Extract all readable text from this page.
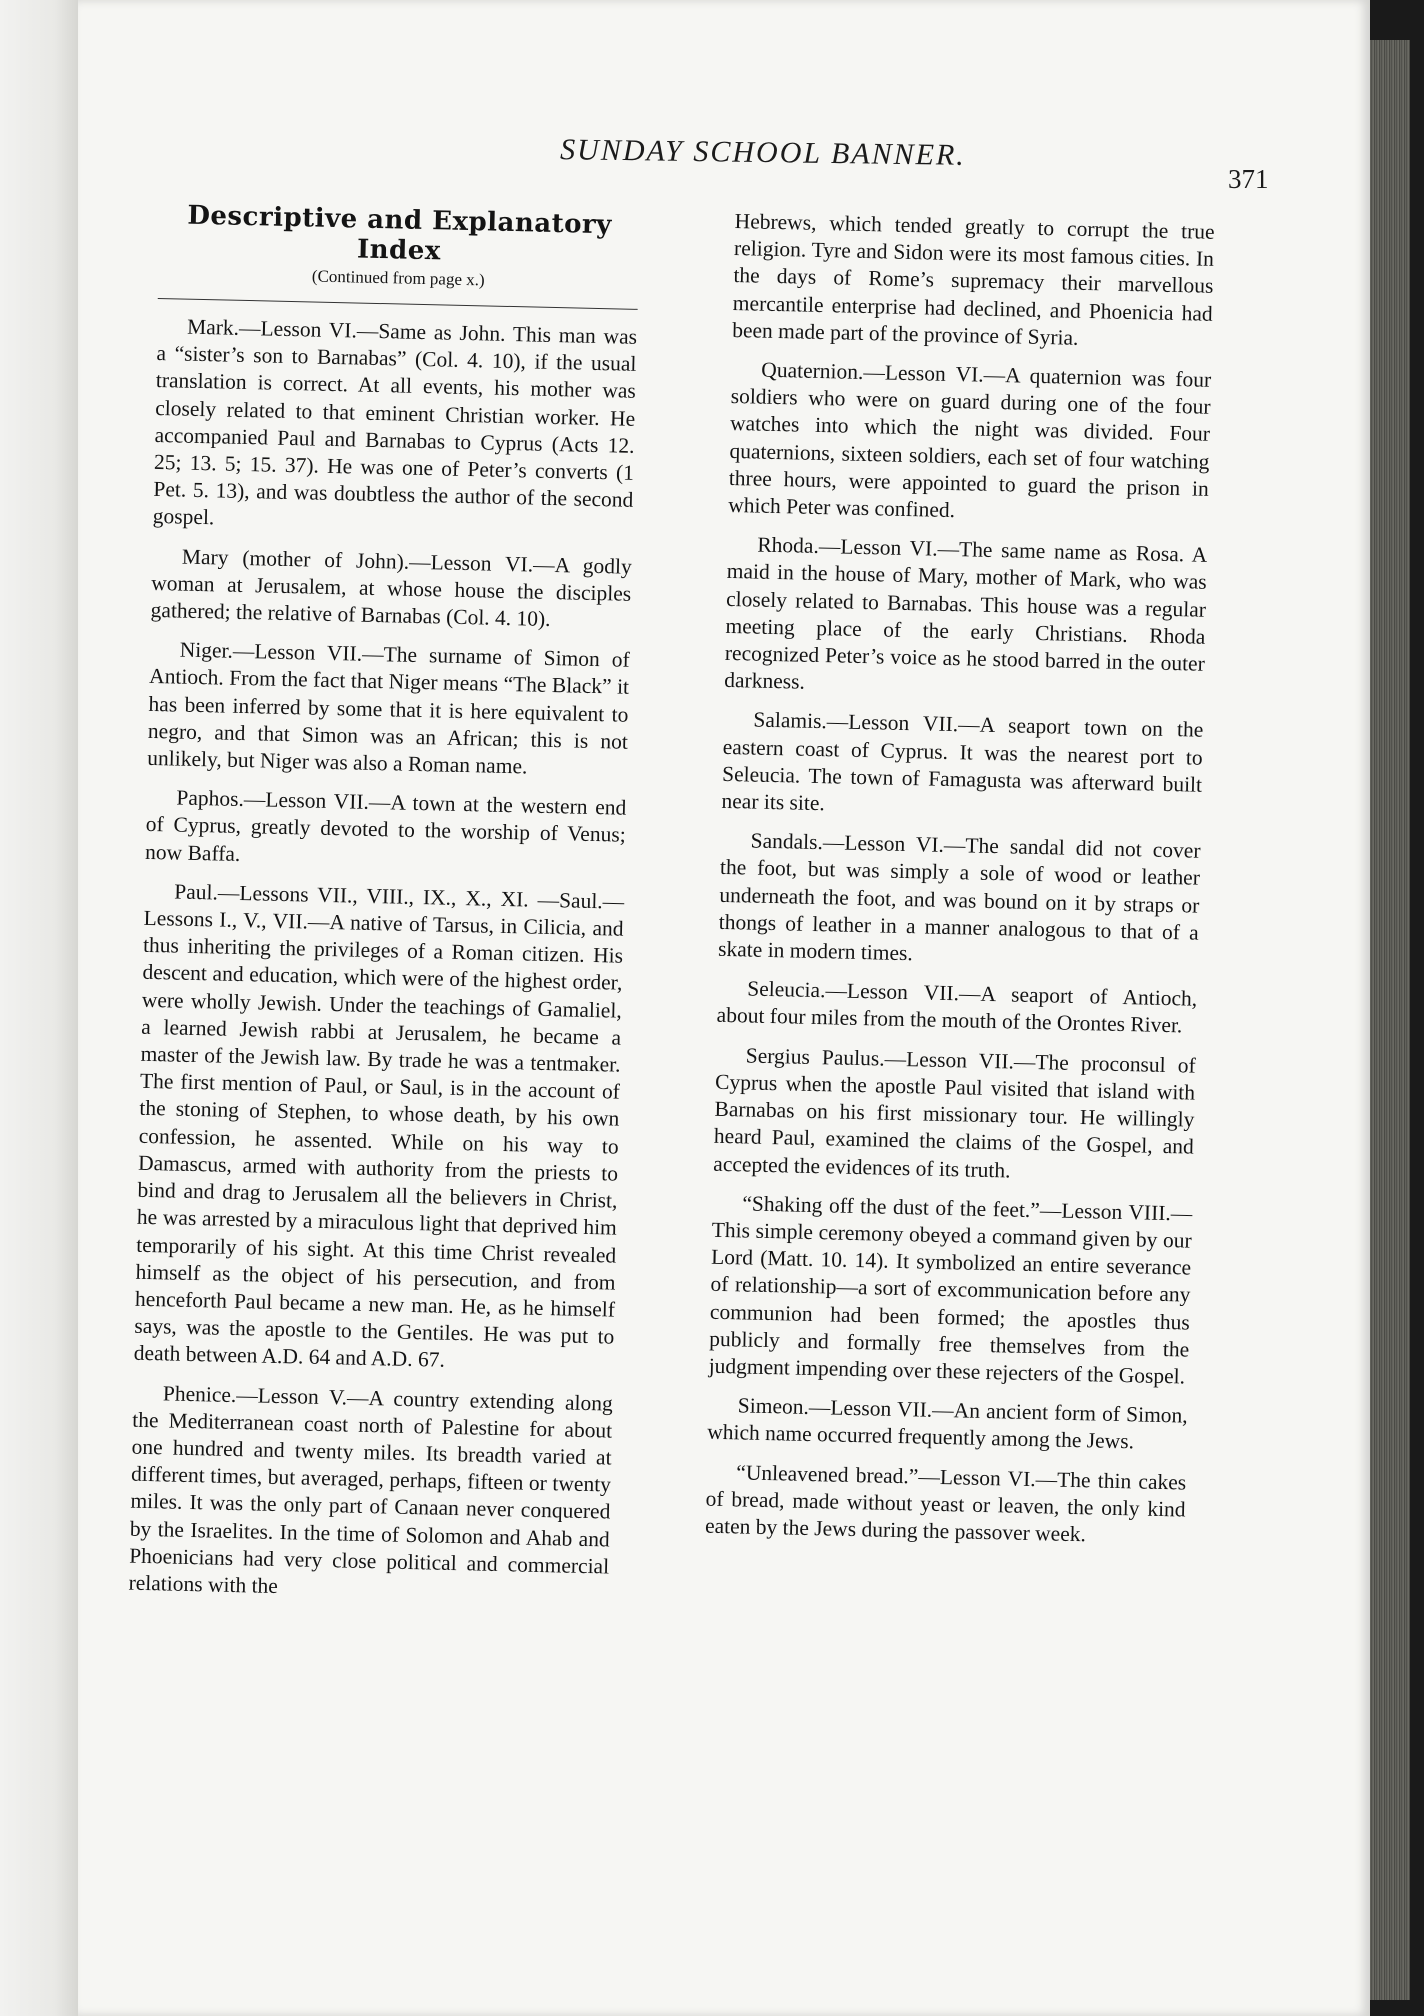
SUNDAY SCHOOL BANNER.
371
Descriptive and Explanatory Index
(Continued from page x.)

Mark.—Lesson VI.—Same as John. This man was a “sister’s son to Barnabas” (Col. 4. 10), if the usual translation is correct. At all events, his mother was closely related to that eminent Christian worker. He accompanied Paul and Barnabas to Cyprus (Acts 12. 25; 13. 5; 15. 37). He was one of Peter’s converts (1 Pet. 5. 13), and was doubtless the author of the second gospel.

Mary (mother of John).—Lesson VI.—A godly woman at Jerusalem, at whose house the disciples gathered; the relative of Barnabas (Col. 4. 10).

Niger.—Lesson VII.—The surname of Simon of Antioch. From the fact that Niger means “The Black” it has been inferred by some that it is here equivalent to negro, and that Simon was an African; this is not unlikely, but Niger was also a Roman name.

Paphos.—Lesson VII.—A town at the western end of Cyprus, greatly devoted to the worship of Venus; now Baffa.

Paul.—Lessons VII., VIII., IX., X., XI. —Saul.—Lessons I., V., VII.—A native of Tarsus, in Cilicia, and thus inheriting the privileges of a Roman citizen. His descent and education, which were of the highest order, were wholly Jewish. Under the teachings of Gamaliel, a learned Jewish rabbi at Jerusalem, he became a master of the Jewish law. By trade he was a tentmaker. The first mention of Paul, or Saul, is in the account of the stoning of Stephen, to whose death, by his own confession, he assented. While on his way to Damascus, armed with authority from the priests to bind and drag to Jerusalem all the believers in Christ, he was arrested by a miraculous light that deprived him temporarily of his sight. At this time Christ revealed himself as the object of his persecution, and from henceforth Paul became a new man. He, as he himself says, was the apostle to the Gentiles. He was put to death between A.D. 64 and A.D. 67.

Phenice.—Lesson V.—A country extending along the Mediterranean coast north of Palestine for about one hundred and twenty miles. Its breadth varied at different times, but averaged, perhaps, fifteen or twenty miles. It was the only part of Canaan never conquered by the Israelites. In the time of Solomon and Ahab and Phoenicians had very close political and commercial relations with the

Hebrews, which tended greatly to corrupt the true religion. Tyre and Sidon were its most famous cities. In the days of Rome’s supremacy their marvellous mercantile enterprise had declined, and Phoenicia had been made part of the province of Syria.

Quaternion.—Lesson VI.—A quaternion was four soldiers who were on guard during one of the four watches into which the night was divided. Four quaternions, sixteen soldiers, each set of four watching three hours, were appointed to guard the prison in which Peter was confined.

Rhoda.—Lesson VI.—The same name as Rosa. A maid in the house of Mary, mother of Mark, who was closely related to Barnabas. This house was a regular meeting place of the early Christians. Rhoda recognized Peter’s voice as he stood barred in the outer darkness.

Salamis.—Lesson VII.—A seaport town on the eastern coast of Cyprus. It was the nearest port to Seleucia. The town of Famagusta was afterward built near its site.

Sandals.—Lesson VI.—The sandal did not cover the foot, but was simply a sole of wood or leather underneath the foot, and was bound on it by straps or thongs of leather in a manner analogous to that of a skate in modern times.

Seleucia.—Lesson VII.—A seaport of Antioch, about four miles from the mouth of the Orontes River.

Sergius Paulus.—Lesson VII.—The proconsul of Cyprus when the apostle Paul visited that island with Barnabas on his first missionary tour. He willingly heard Paul, examined the claims of the Gospel, and accepted the evidences of its truth.

“Shaking off the dust of the feet.”—Lesson VIII.—This simple ceremony obeyed a command given by our Lord (Matt. 10. 14). It symbolized an entire severance of relationship—a sort of excommunication before any communion had been formed; the apostles thus publicly and formally free themselves from the judgment impending over these rejecters of the Gospel.

Simeon.—Lesson VII.—An ancient form of Simon, which name occurred frequently among the Jews.

“Unleavened bread.”—Lesson VI.—The thin cakes of bread, made without yeast or leaven, the only kind eaten by the Jews during the passover week.
